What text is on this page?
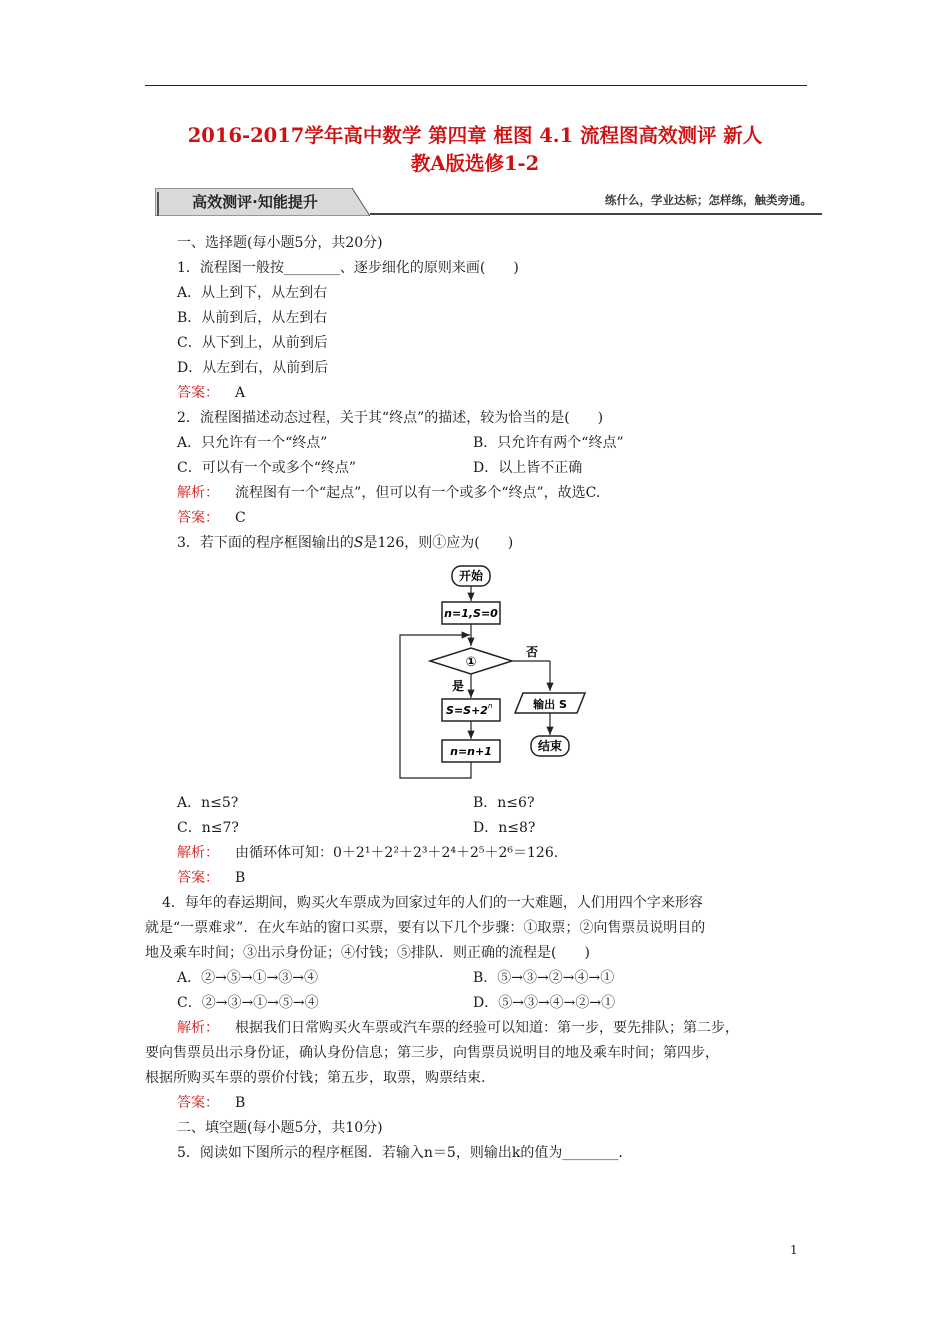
2016-2017学年高中数学 第四章 框图 4.1 流程图高效测评 新人
教A版选修1-2
高效测评·知能提升	练什么，学业达标；怎样练，触类旁通。
一、选择题(每小题5分，共20分)
1．流程图一般按________、逐步细化的原则来画(　　)
A．从上到下，从左到右
B．从前到后，从左到右
C．从下到上，从前到后
D．从左到右，从前到后
答案： A
2．流程图描述动态过程，关于其“终点”的描述，较为恰当的是(　　)
A．只允许有一个“终点”	B．只允许有两个“终点”
C．可以有一个或多个“终点”	D．以上皆不正确
解析： 流程图有一个“起点”，但可以有一个或多个“终点”，故选C.
答案： C
3．若下面的程序框图输出的S是126，则①应为(　　)
开始
n=1,S=0
①
否
是
S=S+2 n
n=n+1
输出 S
结束
A．n≤5?	B．n≤6?
C．n≤7?	D．n≤8?
解析： 由循环体可知：0＋2¹＋2²＋2³＋2⁴＋2⁵＋2⁶＝126.
答案： B
4．每年的春运期间，购买火车票成为回家过年的人们的一大难题，人们用四个字来形容
就是“一票难求”．在火车站的窗口买票，要有以下几个步骤：①取票；②向售票员说明目的
地及乘车时间；③出示身份证；④付钱；⑤排队．则正确的流程是(　　)
A．②→⑤→①→③→④	B．⑤→③→②→④→①
C．②→③→①→⑤→④	D．⑤→③→④→②→①
解析： 根据我们日常购买火车票或汽车票的经验可以知道：第一步，要先排队；第二步，
要向售票员出示身份证，确认身份信息；第三步，向售票员说明目的地及乘车时间；第四步，
根据所购买车票的票价付钱；第五步，取票，购票结束.
答案： B
二、填空题(每小题5分，共10分)
5．阅读如下图所示的程序框图．若输入n＝5，则输出k的值为________.
1
